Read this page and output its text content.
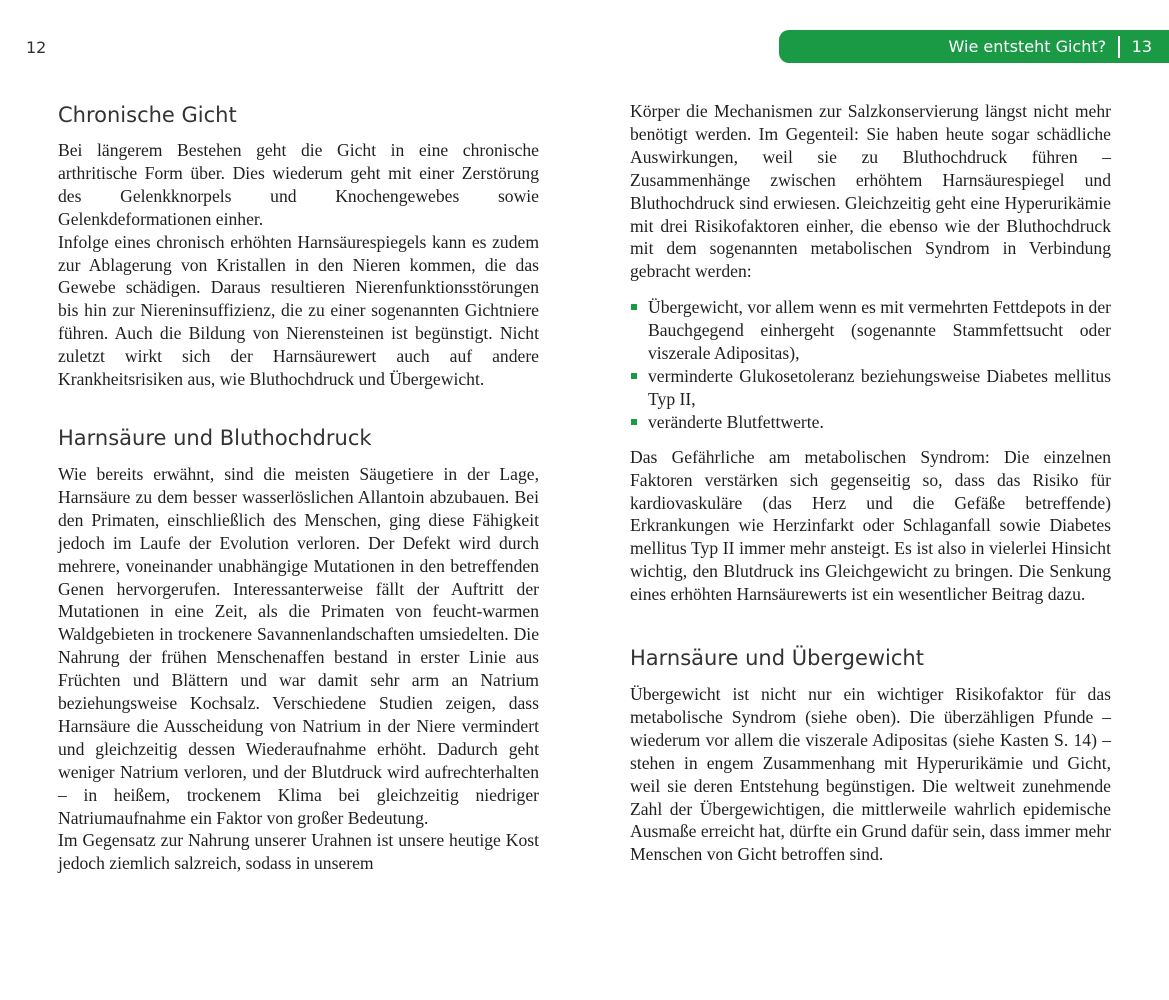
12	Wie entsteht Gicht?	13
Chronische Gicht

Bei längerem Bestehen geht die Gicht in eine chronische arthritische Form über. Dies wiederum geht mit einer Zerstörung des Gelenkknorpels und Knochengewebes sowie Gelenkdeformationen einher.

Infolge eines chronisch erhöhten Harnsäurespiegels kann es zudem zur Ablagerung von Kristallen in den Nieren kommen, die das Gewebe schädigen. Daraus resultieren Nierenfunktionsstörungen bis hin zur Niereninsuffizienz, die zu einer sogenannten Gichtniere führen. Auch die Bildung von Nierensteinen ist begünstigt. Nicht zuletzt wirkt sich der Harnsäurewert auch auf andere Krankheitsrisiken aus, wie Bluthochdruck und Übergewicht.

Harnsäure und Bluthochdruck

Wie bereits erwähnt, sind die meisten Säugetiere in der Lage, Harnsäure zu dem besser wasserlöslichen Allantoin abzubauen. Bei den Primaten, einschließlich des Menschen, ging diese Fähigkeit jedoch im Laufe der Evolution verloren. Der Defekt wird durch mehrere, voneinander unabhängige Mutationen in den betreffenden Genen hervorgerufen. Interessanterweise fällt der Auftritt der Mutationen in eine Zeit, als die Primaten von feucht-warmen Waldgebieten in trockenere Savannenlandschaften umsiedelten. Die Nahrung der frühen Menschenaffen bestand in erster Linie aus Früchten und Blättern und war damit sehr arm an Natrium beziehungsweise Kochsalz. Verschiedene Studien zeigen, dass Harnsäure die Ausscheidung von Natrium in der Niere vermindert und gleichzeitig dessen Wiederaufnahme erhöht. Dadurch geht weniger Natrium verloren, und der Blutdruck wird aufrechterhalten – in heißem, trockenem Klima bei gleichzeitig niedriger Natriumaufnahme ein Faktor von großer Bedeutung.

Im Gegensatz zur Nahrung unserer Urahnen ist unsere heutige Kost jedoch ziemlich salzreich, sodass in unserem

Körper die Mechanismen zur Salzkonservierung längst nicht mehr benötigt werden. Im Gegenteil: Sie haben heute sogar schädliche Auswirkungen, weil sie zu Bluthochdruck führen – Zusammenhänge zwischen erhöhtem Harnsäurespiegel und Bluthochdruck sind erwiesen. Gleichzeitig geht eine Hyperurikämie mit drei Risikofaktoren einher, die ebenso wie der Bluthochdruck mit dem sogenannten metabolischen Syndrom in Verbindung gebracht werden:

Übergewicht, vor allem wenn es mit vermehrten Fettdepots in der Bauchgegend einhergeht (sogenannte Stammfettsucht oder viszerale Adipositas),
verminderte Glukosetoleranz beziehungsweise Diabetes mellitus Typ II,
veränderte Blutfettwerte.

Das Gefährliche am metabolischen Syndrom: Die einzelnen Faktoren verstärken sich gegenseitig so, dass das Risiko für kardiovaskuläre (das Herz und die Gefäße betreffende) Erkrankungen wie Herzinfarkt oder Schlaganfall sowie Diabetes mellitus Typ II immer mehr ansteigt. Es ist also in vielerlei Hinsicht wichtig, den Blutdruck ins Gleichgewicht zu bringen. Die Senkung eines erhöhten Harnsäurewerts ist ein wesentlicher Beitrag dazu.

Harnsäure und Übergewicht

Übergewicht ist nicht nur ein wichtiger Risikofaktor für das metabolische Syndrom (siehe oben). Die überzähligen Pfunde – wiederum vor allem die viszerale Adipositas (siehe Kasten S. 14) – stehen in engem Zusammenhang mit Hyperurikämie und Gicht, weil sie deren Entstehung begünstigen. Die weltweit zunehmende Zahl der Übergewichtigen, die mittlerweile wahrlich epidemische Ausmaße erreicht hat, dürfte ein Grund dafür sein, dass immer mehr Menschen von Gicht betroffen sind.
